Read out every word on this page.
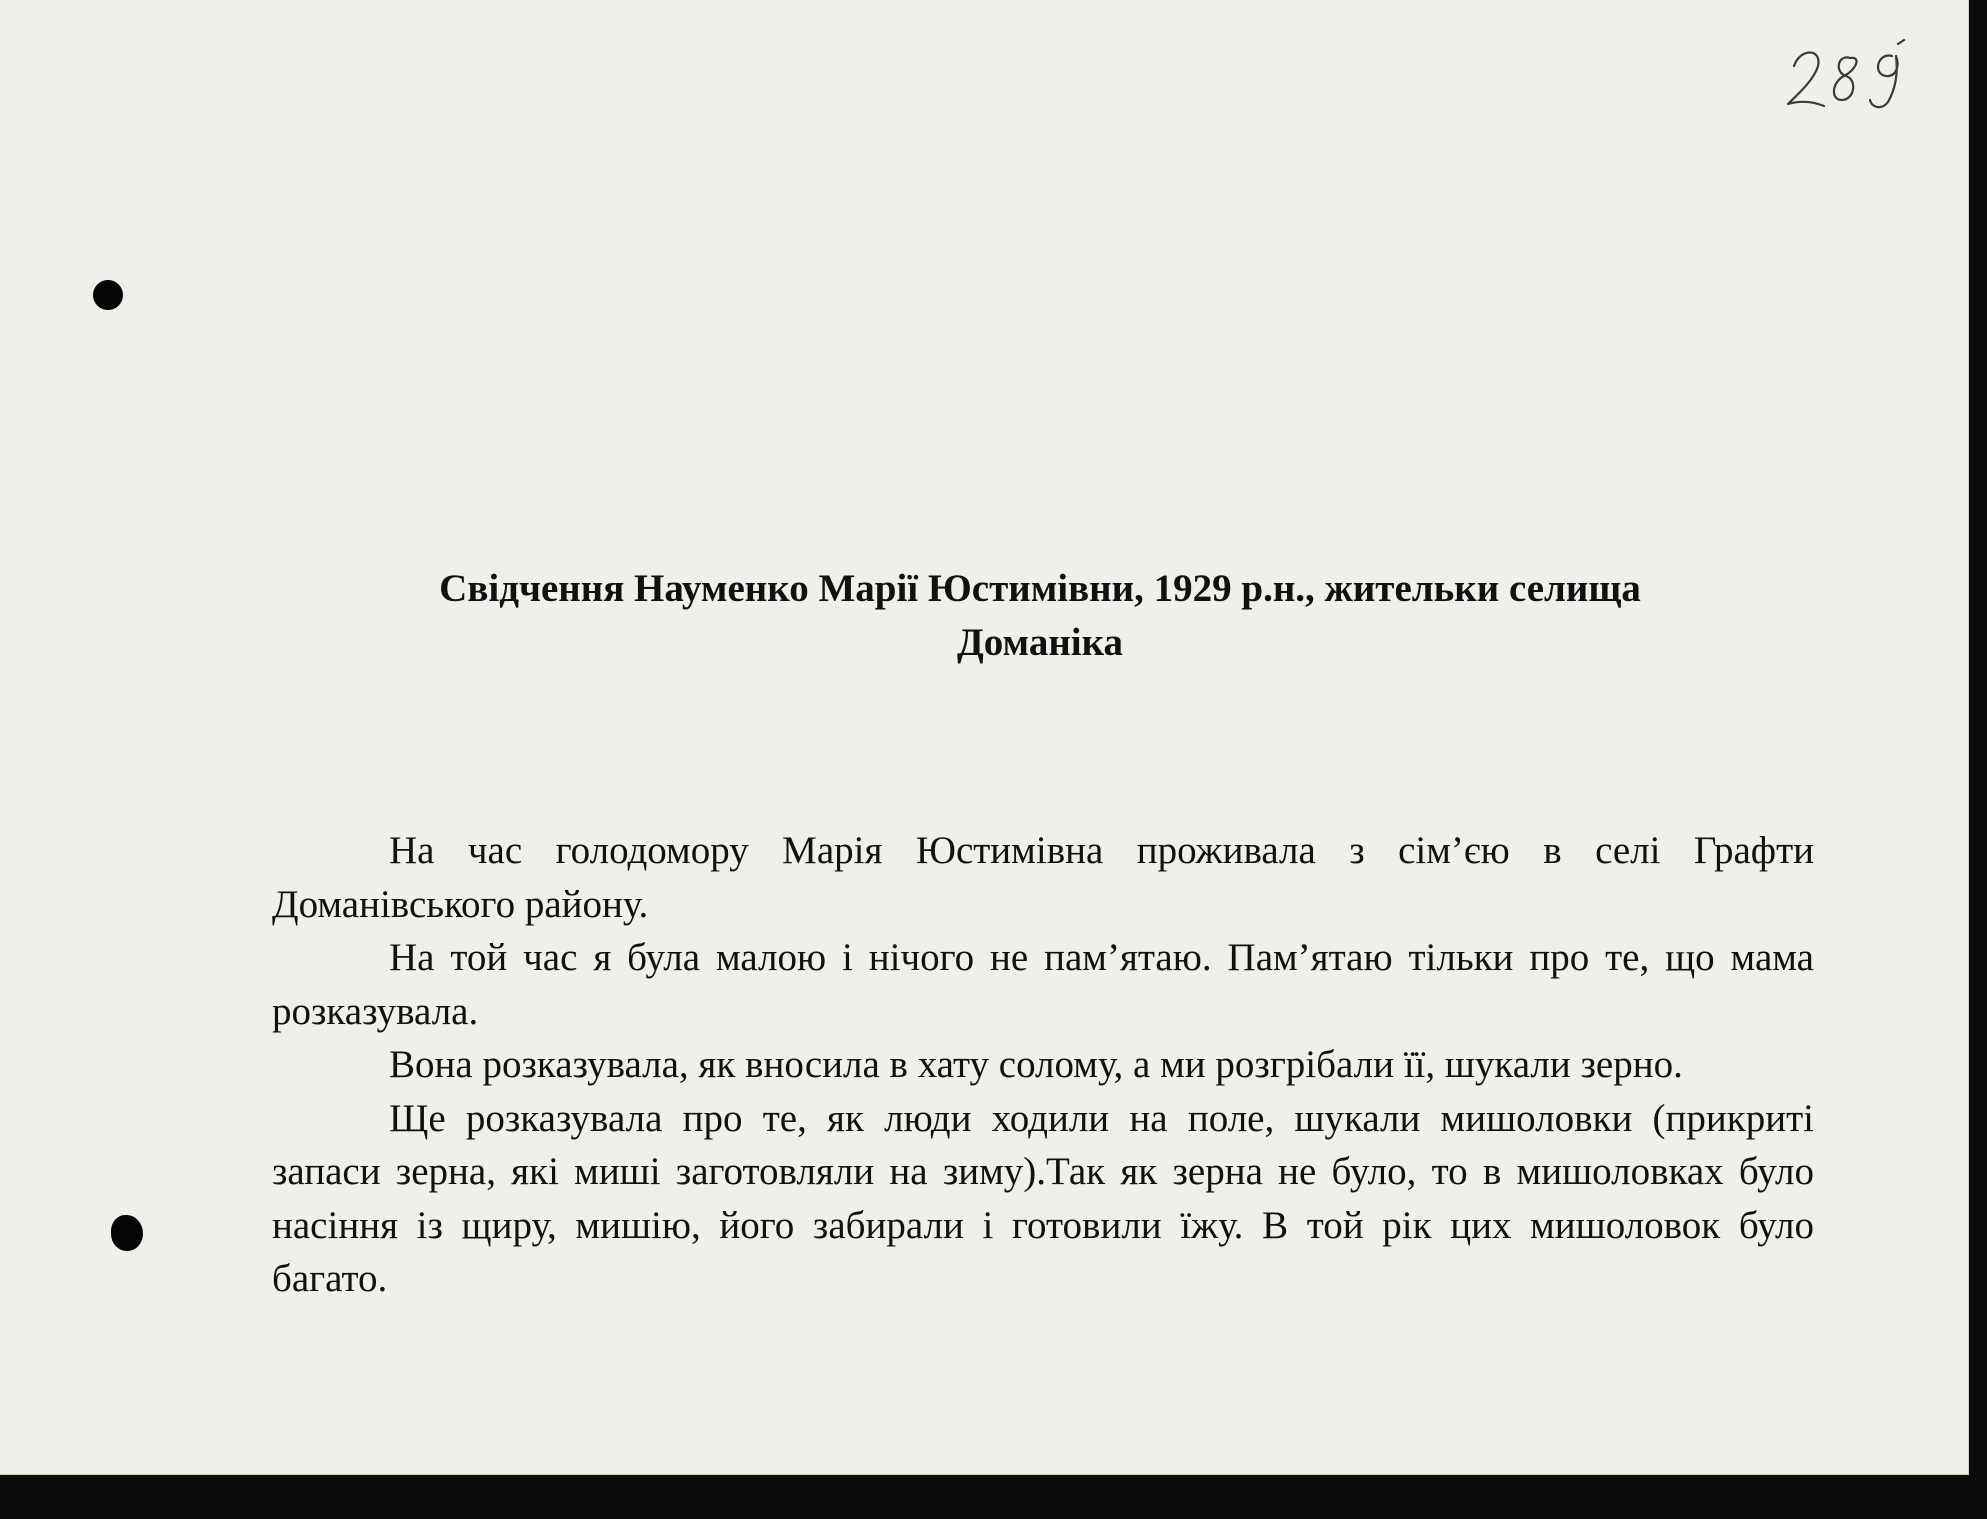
Свідчення Науменко Марії Юстимівни, 1929 р.н., жительки селища
Доманіка

На час голодомору Марія Юстимівна проживала з сім’єю в селі Графти Доманівського району.

На той час я була малою і нічого не пам’ятаю. Пам’ятаю тільки про те, що мама розказувала.

Вона розказувала, як вносила в хату солому, а ми розгрібали її, шукали зерно.

Ще розказувала про те, як люди ходили на поле, шукали мишоловки (прикриті запаси зерна, які миші заготовляли на зиму).Так як зерна не було, то в мишоловках було насіння із щиру, мишію, його забирали і готовили їжу. В той рік цих мишоловок було багато.
